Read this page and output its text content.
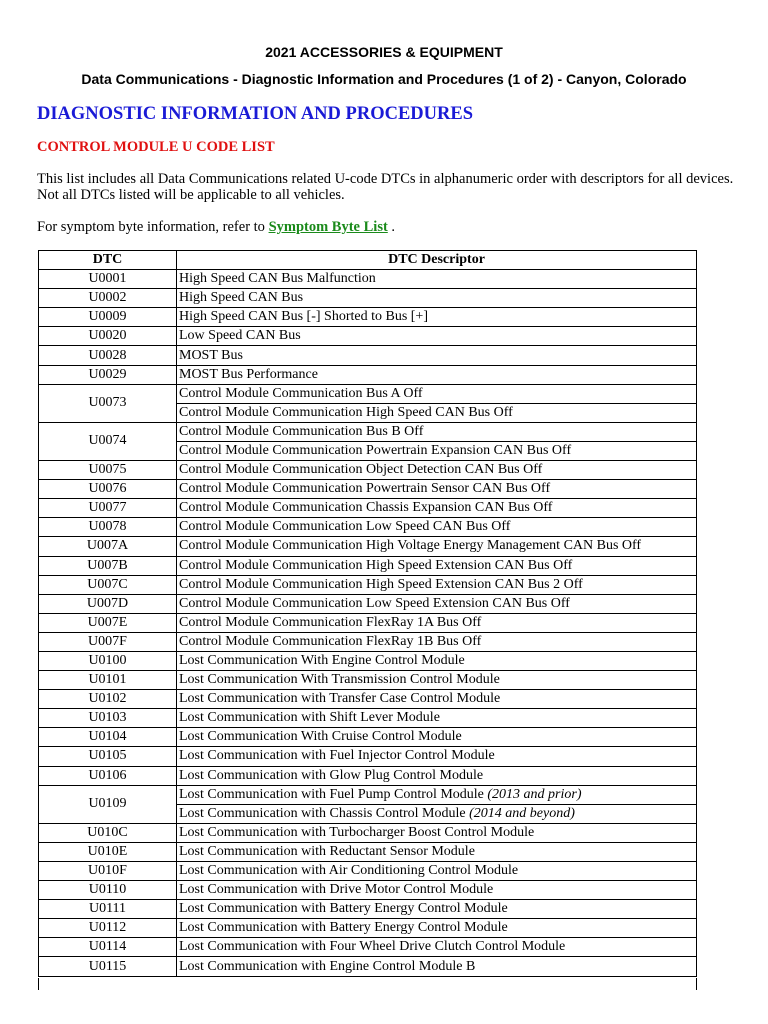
2021 ACCESSORIES & EQUIPMENT
Data Communications - Diagnostic Information and Procedures (1 of 2) - Canyon, Colorado
DIAGNOSTIC INFORMATION AND PROCEDURES
CONTROL MODULE U CODE LIST
This list includes all Data Communications related U-code DTCs in alphanumeric order with descriptors for all devices. Not all DTCs listed will be applicable to all vehicles.
For symptom byte information, refer to Symptom Byte List .
DTC	DTC Descriptor
U0001	High Speed CAN Bus Malfunction
U0002	High Speed CAN Bus
U0009	High Speed CAN Bus [-] Shorted to Bus [+]
U0020	Low Speed CAN Bus
U0028	MOST Bus
U0029	MOST Bus Performance
U0073	Control Module Communication Bus A Off
	Control Module Communication High Speed CAN Bus Off
U0074	Control Module Communication Bus B Off
	Control Module Communication Powertrain Expansion CAN Bus Off
U0075	Control Module Communication Object Detection CAN Bus Off
U0076	Control Module Communication Powertrain Sensor CAN Bus Off
U0077	Control Module Communication Chassis Expansion CAN Bus Off
U0078	Control Module Communication Low Speed CAN Bus Off
U007A	Control Module Communication High Voltage Energy Management CAN Bus Off
U007B	Control Module Communication High Speed Extension CAN Bus Off
U007C	Control Module Communication High Speed Extension CAN Bus 2 Off
U007D	Control Module Communication Low Speed Extension CAN Bus Off
U007E	Control Module Communication FlexRay 1A Bus Off
U007F	Control Module Communication FlexRay 1B Bus Off
U0100	Lost Communication With Engine Control Module
U0101	Lost Communication With Transmission Control Module
U0102	Lost Communication with Transfer Case Control Module
U0103	Lost Communication with Shift Lever Module
U0104	Lost Communication With Cruise Control Module
U0105	Lost Communication with Fuel Injector Control Module
U0106	Lost Communication with Glow Plug Control Module
U0109	Lost Communication with Fuel Pump Control Module (2013 and prior)
	Lost Communication with Chassis Control Module (2014 and beyond)
U010C	Lost Communication with Turbocharger Boost Control Module
U010E	Lost Communication with Reductant Sensor Module
U010F	Lost Communication with Air Conditioning Control Module
U0110	Lost Communication with Drive Motor Control Module
U0111	Lost Communication with Battery Energy Control Module
U0112	Lost Communication with Battery Energy Control Module
U0114	Lost Communication with Four Wheel Drive Clutch Control Module
U0115	Lost Communication with Engine Control Module B
